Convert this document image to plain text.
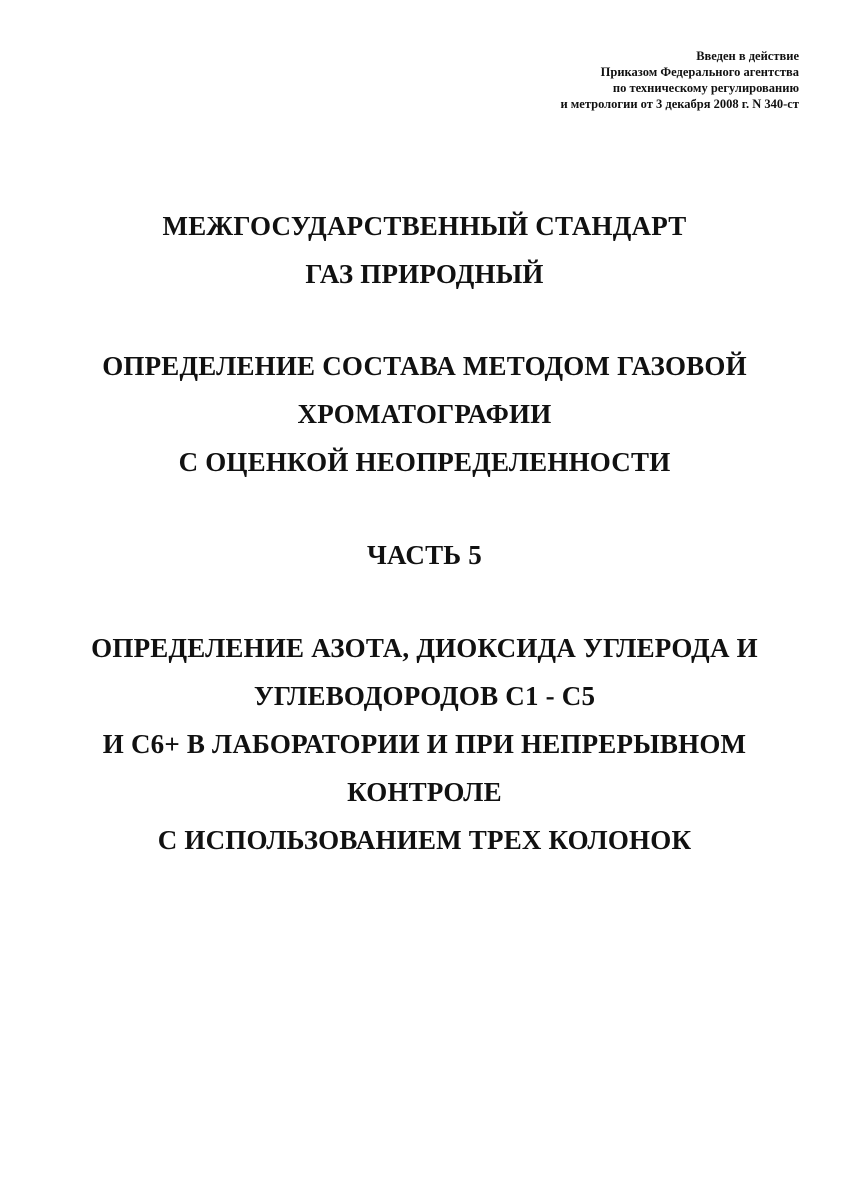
Введен в действие
Приказом Федерального агентства
по техническому регулированию
и метрологии от 3 декабря 2008 г. N 340-ст
МЕЖГОСУДАРСТВЕННЫЙ СТАНДАРТ
ГАЗ ПРИРОДНЫЙ
ОПРЕДЕЛЕНИЕ СОСТАВА МЕТОДОМ ГАЗОВОЙ
ХРОМАТОГРАФИИ
С ОЦЕНКОЙ НЕОПРЕДЕЛЕННОСТИ
ЧАСТЬ 5
ОПРЕДЕЛЕНИЕ АЗОТА, ДИОКСИДА УГЛЕРОДА И
УГЛЕВОДОРОДОВ С1 - С5
И С6+ В ЛАБОРАТОРИИ И ПРИ НЕПРЕРЫВНОМ
КОНТРОЛЕ
С ИСПОЛЬЗОВАНИЕМ ТРЕХ КОЛОНОК
